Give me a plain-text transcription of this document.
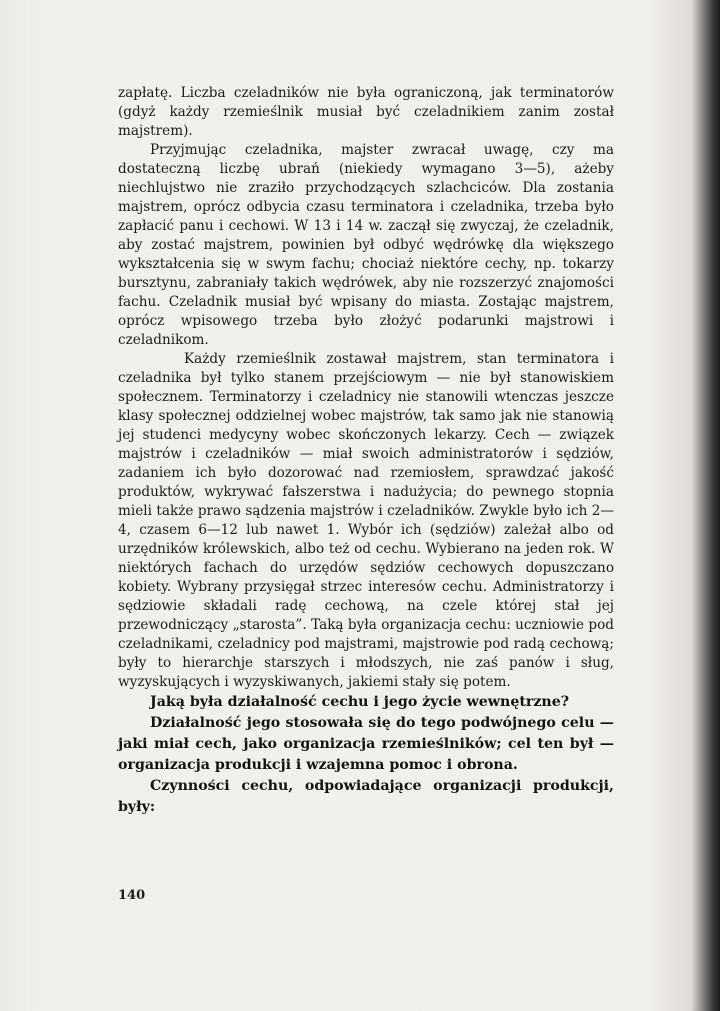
zapłatę. Liczba czeladników nie była ograniczoną, jak terminatorów (gdyż każdy rzemieślnik musiał być czeladnikiem zanim został majstrem).

Przyjmując czeladnika, majster zwracał uwagę, czy ma dostateczną liczbę ubrań (niekiedy wymagano 3—5), ażeby niechlujstwo nie zraziło przychodzących szlachciców. Dla zostania majstrem, oprócz odbycia czasu terminatora i czeladnika, trzeba było zapłacić panu i cechowi. W 13 i 14 w. zaczął się zwyczaj, że czeladnik, aby zostać majstrem, powinien był odbyć wędrówkę dla większego wykształcenia się w swym fachu; chociaż niektóre cechy, np. tokarzy bursztynu, zabraniały takich wędrówek, aby nie rozszerzyć znajomości fachu. Czeladnik musiał być wpisany do miasta. Zostając majstrem, oprócz wpisowego trzeba było złożyć podarunki majstrowi i czeladnikom.

Każdy rzemieślnik zostawał majstrem, stan terminatora i czeladnika był tylko stanem przejściowym — nie był stanowiskiem społecznem. Terminatorzy i czeladnicy nie stanowili wtenczas jeszcze klasy społecznej oddzielnej wobec majstrów, tak samo jak nie stanowią jej studenci medycyny wobec skończonych lekarzy. Cech — związek majstrów i czeladników — miał swoich administratorów i sędziów, zadaniem ich było dozorować nad rzemiosłem, sprawdzać jakość produktów, wykrywać fałszerstwa i nadużycia; do pewnego stopnia mieli także prawo sądzenia majstrów i czeladników. Zwykle było ich 2—4, czasem 6—12 lub nawet 1. Wybór ich (sędziów) zależał albo od urzędników królewskich, albo też od cechu. Wybierano na jeden rok. W niektórych fachach do urzędów sędziów cechowych dopuszczano kobiety. Wybrany przysięgał strzec interesów cechu. Administratorzy i sędziowie składali radę cechową, na czele której stał jej przewodniczący „starosta”. Taką była organizacja cechu: uczniowie pod czeladnikami, czeladnicy pod majstrami, majstrowie pod radą cechową; były to hierarchje starszych i młodszych, nie zaś panów i sług, wyzyskujących i wyzyskiwanych, jakiemi stały się potem.

Jaką była działalność cechu i jego życie wewnętrzne?

Działalność jego stosowała się do tego podwójnego celu — jaki miał cech, jako organizacja rzemieślników; cel ten był — organizacja produkcji i wzajemna pomoc i obrona.

Czynności cechu, odpowiadające organizacji produkcji, były:

140
